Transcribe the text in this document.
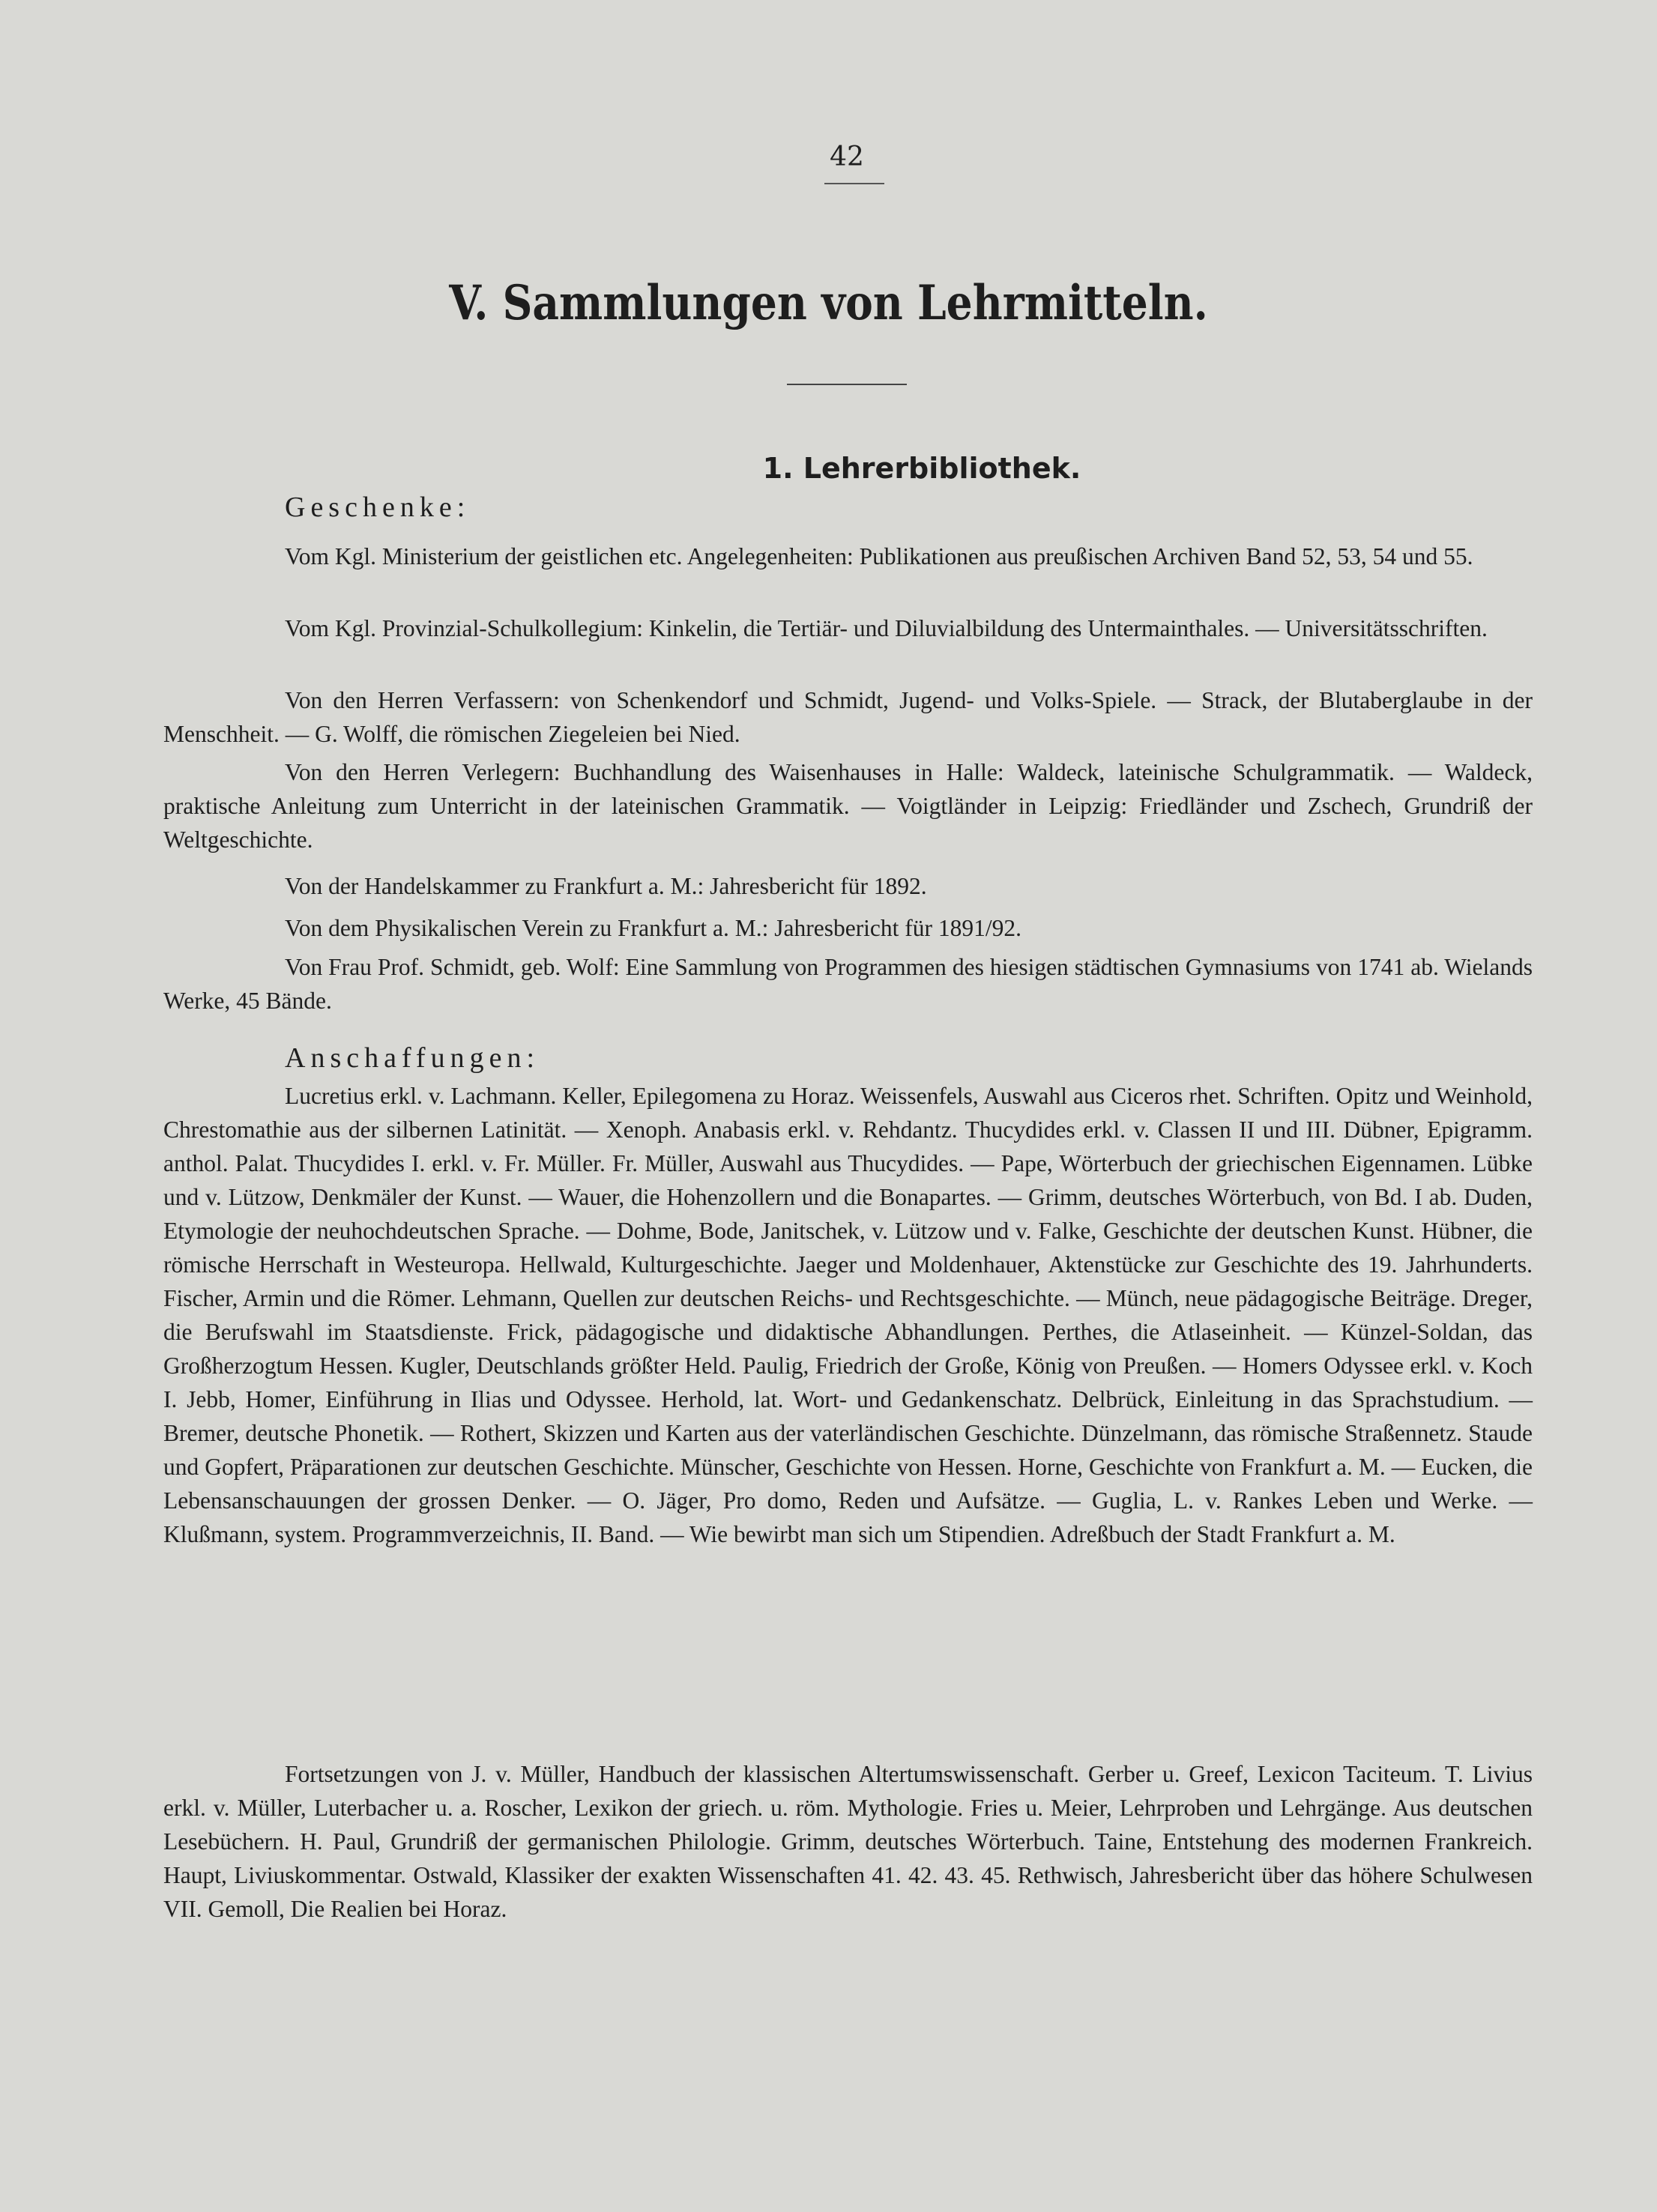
42
V. Sammlungen von Lehrmitteln.
1. Lehrerbibliothek.
Geschenke:

Vom Kgl. Ministerium der geistlichen etc. Angelegenheiten: Publikationen aus preußischen Archiven Band 52, 53, 54 und 55.

Vom Kgl. Provinzial-Schulkollegium: Kinkelin, die Tertiär- und Diluvialbildung des Untermainthales. — Universitätsschriften.

Von den Herren Verfassern: von Schenkendorf und Schmidt, Jugend- und Volks-Spiele. — Strack, der Blutaberglaube in der Menschheit. — G. Wolff, die römischen Ziegeleien bei Nied.

Von den Herren Verlegern: Buchhandlung des Waisenhauses in Halle: Waldeck, lateinische Schulgrammatik. — Waldeck, praktische Anleitung zum Unterricht in der lateinischen Grammatik. — Voigtländer in Leipzig: Friedländer und Zschech, Grundriß der Weltgeschichte.

Von der Handelskammer zu Frankfurt a. M.: Jahresbericht für 1892.

Von dem Physikalischen Verein zu Frankfurt a. M.: Jahresbericht für 1891/92.

Von Frau Prof. Schmidt, geb. Wolf: Eine Sammlung von Programmen des hiesigen städtischen Gymnasiums von 1741 ab. Wielands Werke, 45 Bände.

Anschaffungen:

Lucretius erkl. v. Lachmann. Keller, Epilegomena zu Horaz. Weissenfels, Auswahl aus Ciceros rhet. Schriften. Opitz und Weinhold, Chrestomathie aus der silbernen Latinität. — Xenoph. Anabasis erkl. v. Rehdantz. Thucydides erkl. v. Classen II und III. Dübner, Epigramm. anthol. Palat. Thucydides I. erkl. v. Fr. Müller. Fr. Müller, Auswahl aus Thucydides. — Pape, Wörterbuch der griechischen Eigennamen. Lübke und v. Lützow, Denkmäler der Kunst. — Wauer, die Hohenzollern und die Bonapartes. — Grimm, deutsches Wörterbuch, von Bd. I ab. Duden, Etymologie der neuhochdeutschen Sprache. — Dohme, Bode, Janitschek, v. Lützow und v. Falke, Geschichte der deutschen Kunst. Hübner, die römische Herrschaft in Westeuropa. Hellwald, Kulturgeschichte. Jaeger und Moldenhauer, Aktenstücke zur Geschichte des 19. Jahrhunderts. Fischer, Armin und die Römer. Lehmann, Quellen zur deutschen Reichs- und Rechtsgeschichte. — Münch, neue pädagogische Beiträge. Dreger, die Berufswahl im Staatsdienste. Frick, pädagogische und didaktische Abhandlungen. Perthes, die Atlaseinheit. — Künzel-Soldan, das Großherzogtum Hessen. Kugler, Deutschlands größter Held. Paulig, Friedrich der Große, König von Preußen. — Homers Odyssee erkl. v. Koch I. Jebb, Homer, Einführung in Ilias und Odyssee. Herhold, lat. Wort- und Gedankenschatz. Delbrück, Einleitung in das Sprachstudium. — Bremer, deutsche Phonetik. — Rothert, Skizzen und Karten aus der vaterländischen Geschichte. Dünzelmann, das römische Straßennetz. Staude und Gopfert, Präparationen zur deutschen Geschichte. Münscher, Geschichte von Hessen. Horne, Geschichte von Frankfurt a. M. — Eucken, die Lebensanschauungen der grossen Denker. — O. Jäger, Pro domo, Reden und Aufsätze. — Guglia, L. v. Rankes Leben und Werke. — Klußmann, system. Programmverzeichnis, II. Band. — Wie bewirbt man sich um Stipendien. Adreßbuch der Stadt Frankfurt a. M.

Fortsetzungen von J. v. Müller, Handbuch der klassischen Altertumswissenschaft. Gerber u. Greef, Lexicon Taciteum. T. Livius erkl. v. Müller, Luterbacher u. a. Roscher, Lexikon der griech. u. röm. Mythologie. Fries u. Meier, Lehrproben und Lehrgänge. Aus deutschen Lesebüchern. H. Paul, Grundriß der germanischen Philologie. Grimm, deutsches Wörterbuch. Taine, Entstehung des modernen Frankreich. Haupt, Liviuskommentar. Ostwald, Klassiker der exakten Wissenschaften 41. 42. 43. 45. Rethwisch, Jahresbericht über das höhere Schulwesen VII. Gemoll, Die Realien bei Horaz.
